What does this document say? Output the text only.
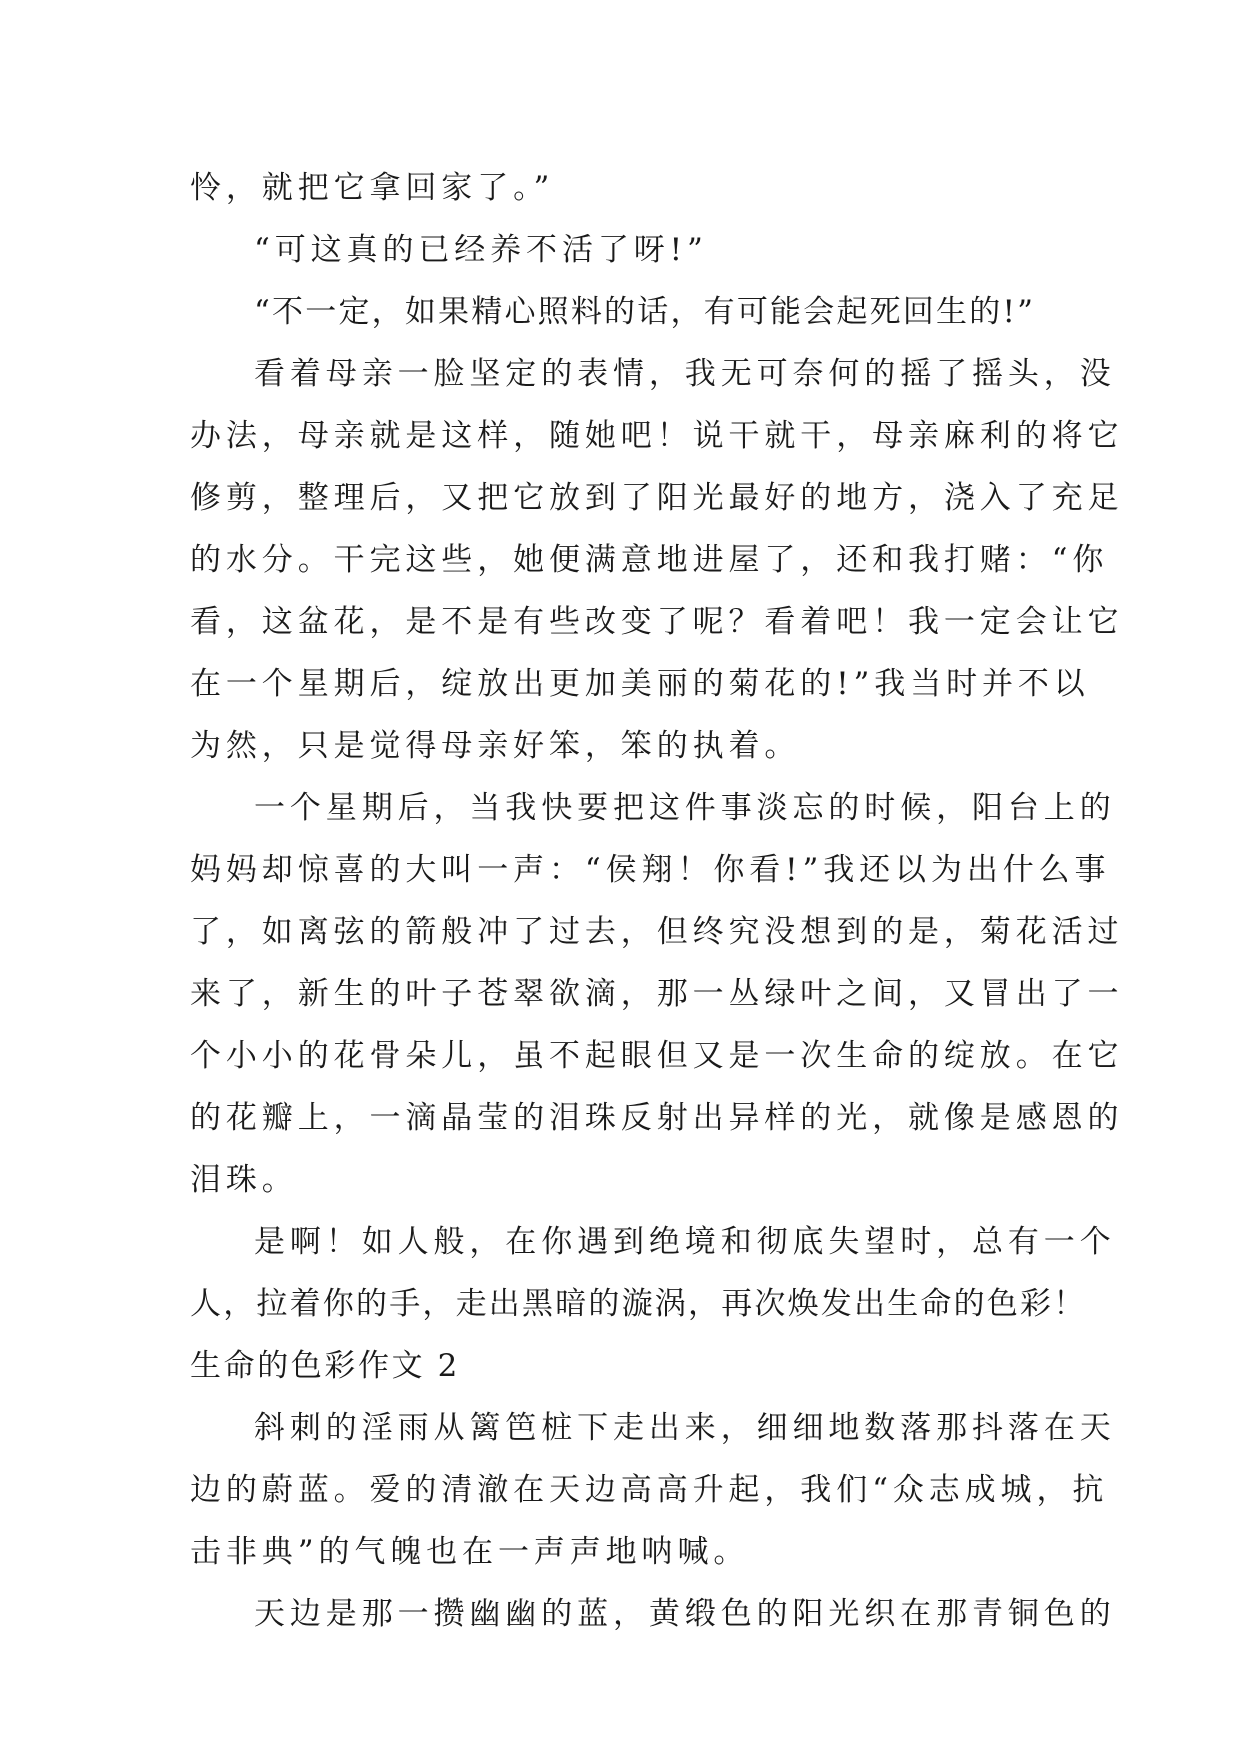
怜，就把它拿回家了。”
“可这真的已经养不活了呀!”
“不一定，如果精心照料的话，有可能会起死回生的!”
看着母亲一脸坚定的表情，我无可奈何的摇了摇头，没
办法，母亲就是这样，随她吧！说干就干，母亲麻利的将它
修剪，整理后，又把它放到了阳光最好的地方，浇入了充足
的水分。干完这些，她便满意地进屋了，还和我打赌：“你
看，这盆花，是不是有些改变了呢？看着吧！我一定会让它
在一个星期后，绽放出更加美丽的菊花的!”我当时并不以
为然，只是觉得母亲好笨，笨的执着。
一个星期后，当我快要把这件事淡忘的时候，阳台上的
妈妈却惊喜的大叫一声：“侯翔！你看!”我还以为出什么事
了，如离弦的箭般冲了过去，但终究没想到的是，菊花活过
来了，新生的叶子苍翠欲滴，那一丛绿叶之间，又冒出了一
个小小的花骨朵儿，虽不起眼但又是一次生命的绽放。在它
的花瓣上，一滴晶莹的泪珠反射出异样的光，就像是感恩的
泪珠。
是啊！如人般，在你遇到绝境和彻底失望时，总有一个
人，拉着你的手，走出黑暗的漩涡，再次焕发出生命的色彩！
生命的色彩作文 2
斜刺的淫雨从篱笆桩下走出来，细细地数落那抖落在天
边的蔚蓝。爱的清澈在天边高高升起，我们“众志成城，抗
击非典”的气魄也在一声声地呐喊。
天边是那一攒幽幽的蓝，黄缎色的阳光织在那青铜色的
